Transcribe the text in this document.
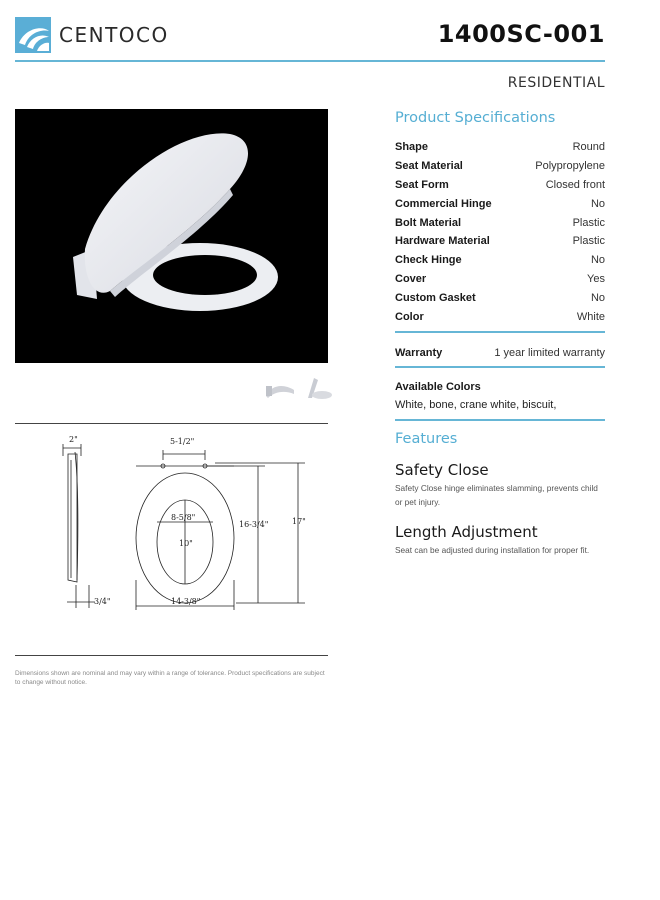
CENTOCO	1400SC-001
RESIDENTIAL
2"
3/4"
5-1/2"
8-5/8"
10"
16-3/4"	17"
14-3/8"
Dimensions shown are nominal and may vary within a range of tolerance. Product specifications are subject to change without notice.
Product Specifications
Shape	Round
Seat Material	Polypropylene
Seat Form	Closed front
Commercial Hinge	No
Bolt Material	Plastic
Hardware Material	Plastic
Check Hinge	No
Cover	Yes
Custom Gasket	No
Color	White
Warranty	1 year limited warranty
Available Colors
White, bone, crane white, biscuit,
Features
Safety Close
Safety Close hinge eliminates slamming, prevents child or pet injury.
Length Adjustment
Seat can be adjusted during installation for proper fit.
